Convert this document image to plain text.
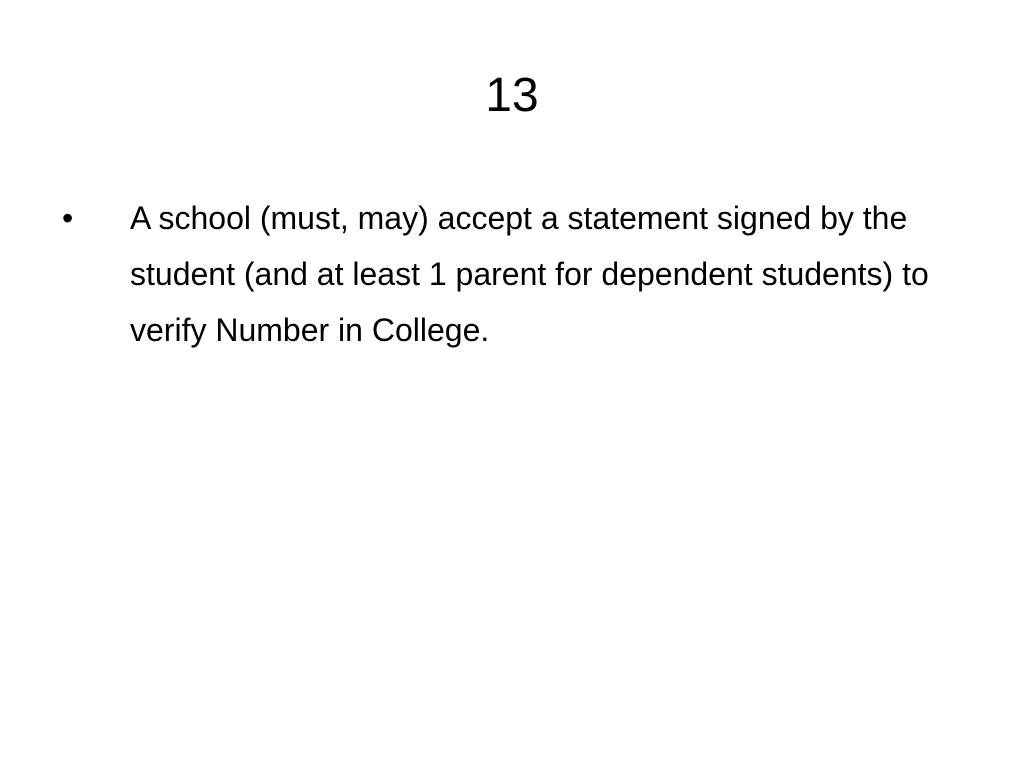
13
•	A school (must, may) accept a statement signed by the student (and at least 1 parent for dependent students) to verify Number in College.
